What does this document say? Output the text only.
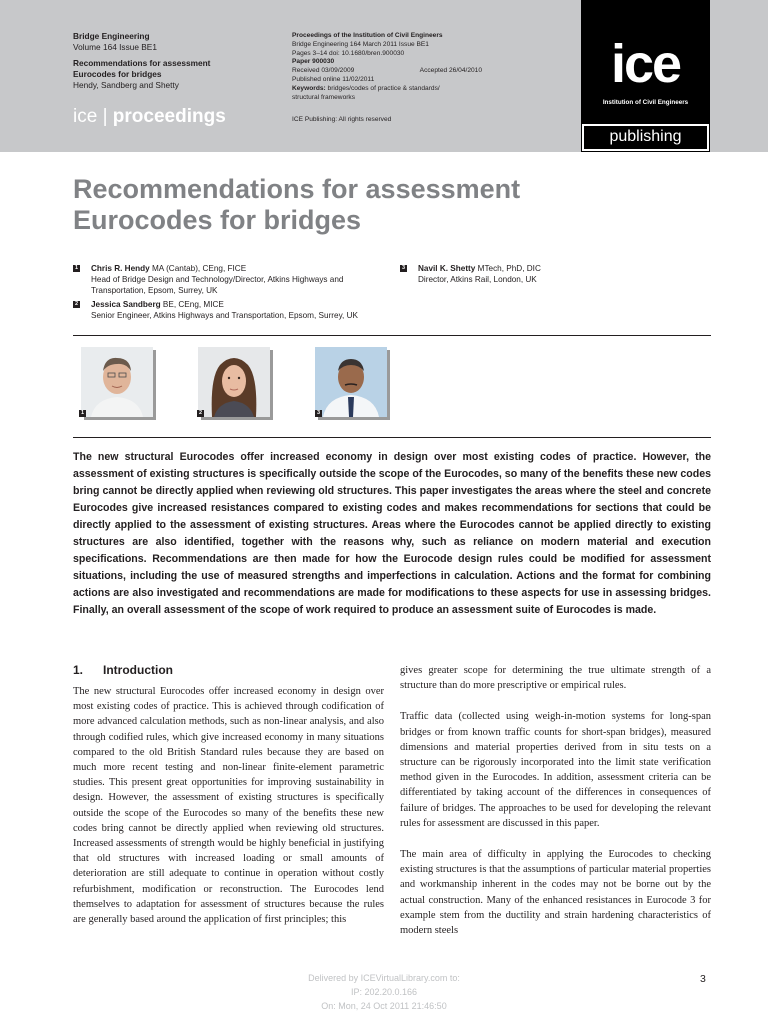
Bridge Engineering
Volume 164 Issue BE1
Recommendations for assessment
Eurocodes for bridges
Hendy, Sandberg and Shetty
ice | proceedings
Proceedings of the Institution of Civil Engineers
Bridge Engineering 164 March 2011 Issue BE1
Pages 3–14 doi: 10.1680/bren.900030
Paper 900030
Received 03/09/2009	Accepted 26/04/2010
Published online 11/02/2011
Keywords: bridges/codes of practice & standards/
structural frameworks
ICE Publishing: All rights reserved
ice
Institution of Civil Engineers
publishing
Recommendations for assessment
Eurocodes for bridges
1 Chris R. Hendy MA (Cantab), CEng, FICE
Head of Bridge Design and Technology/Director, Atkins Highways and
Transportation, Epsom, Surrey, UK
2 Jessica Sandberg BE, CEng, MICE
Senior Engineer, Atkins Highways and Transportation, Epsom, Surrey, UK
3 Navil K. Shetty MTech, PhD, DIC
Director, Atkins Rail, London, UK
1	2	3
The new structural Eurocodes offer increased economy in design over most existing codes of practice. However, the assessment of existing structures is specifically outside the scope of the Eurocodes, so many of the benefits these new codes bring cannot be directly applied when reviewing old structures. This paper investigates the areas where the steel and concrete Eurocodes give increased resistances compared to existing codes and makes recommendations for sections that could be directly applied to the assessment of existing structures. Areas where the Eurocodes cannot be applied directly to existing structures are also identified, together with the reasons why, such as reliance on modern material and execution specifications. Recommendations are then made for how the Eurocode design rules could be modified for assessment situations, including the use of measured strengths and imperfections in calculation. Actions and the format for combining actions are also investigated and recommendations are made for modifications to these aspects for use in assessing bridges. Finally, an overall assessment of the scope of work required to produce an assessment suite of Eurocodes is made.
1. Introduction

The new structural Eurocodes offer increased economy in design over most existing codes of practice. This is achieved through codification of more advanced calculation methods, such as non-linear analysis, and also through codified rules, which give increased economy in many situations compared to the old British Standard rules because they are based on much more recent testing and non-linear finite-element parametric studies. This present great opportunities for improving sustainability in design. However, the assessment of existing structures is specifically outside the scope of the Eurocodes so many of the benefits these new codes bring cannot be directly applied when reviewing old structures. Increased assessments of strength would be highly beneficial in justifying that old structures with increased loading or small amounts of deterioration are still adequate to continue in operation without costly refurbishment, modification or reconstruction. The Eurocodes lend themselves to adaptation for assessment of structures because the rules are generally based around the application of first principles; this

gives greater scope for determining the true ultimate strength of a structure than do more prescriptive or empirical rules.

Traffic data (collected using weigh-in-motion systems for long-span bridges or from known traffic counts for short-span bridges), measured dimensions and material properties derived from in situ tests on a structure can be rigorously incorporated into the limit state verification method given in the Eurocodes. In addition, assessment criteria can be differentiated by taking account of the differences in consequences of failure of bridges. The approaches to be used for developing the relevant rules for assessment are discussed in this paper.

The main area of difficulty in applying the Eurocodes to checking existing structures is that the assumptions of particular material properties and workmanship inherent in the codes may not be borne out by the actual construction. Many of the enhanced resistances in Eurocode 3 for example stem from the ductility and strain hardening characteristics of modern steels

Delivered by ICEVirtualLibrary.com to:
IP: 202.20.0.166
On: Mon, 24 Oct 2011 21:46:50
3
